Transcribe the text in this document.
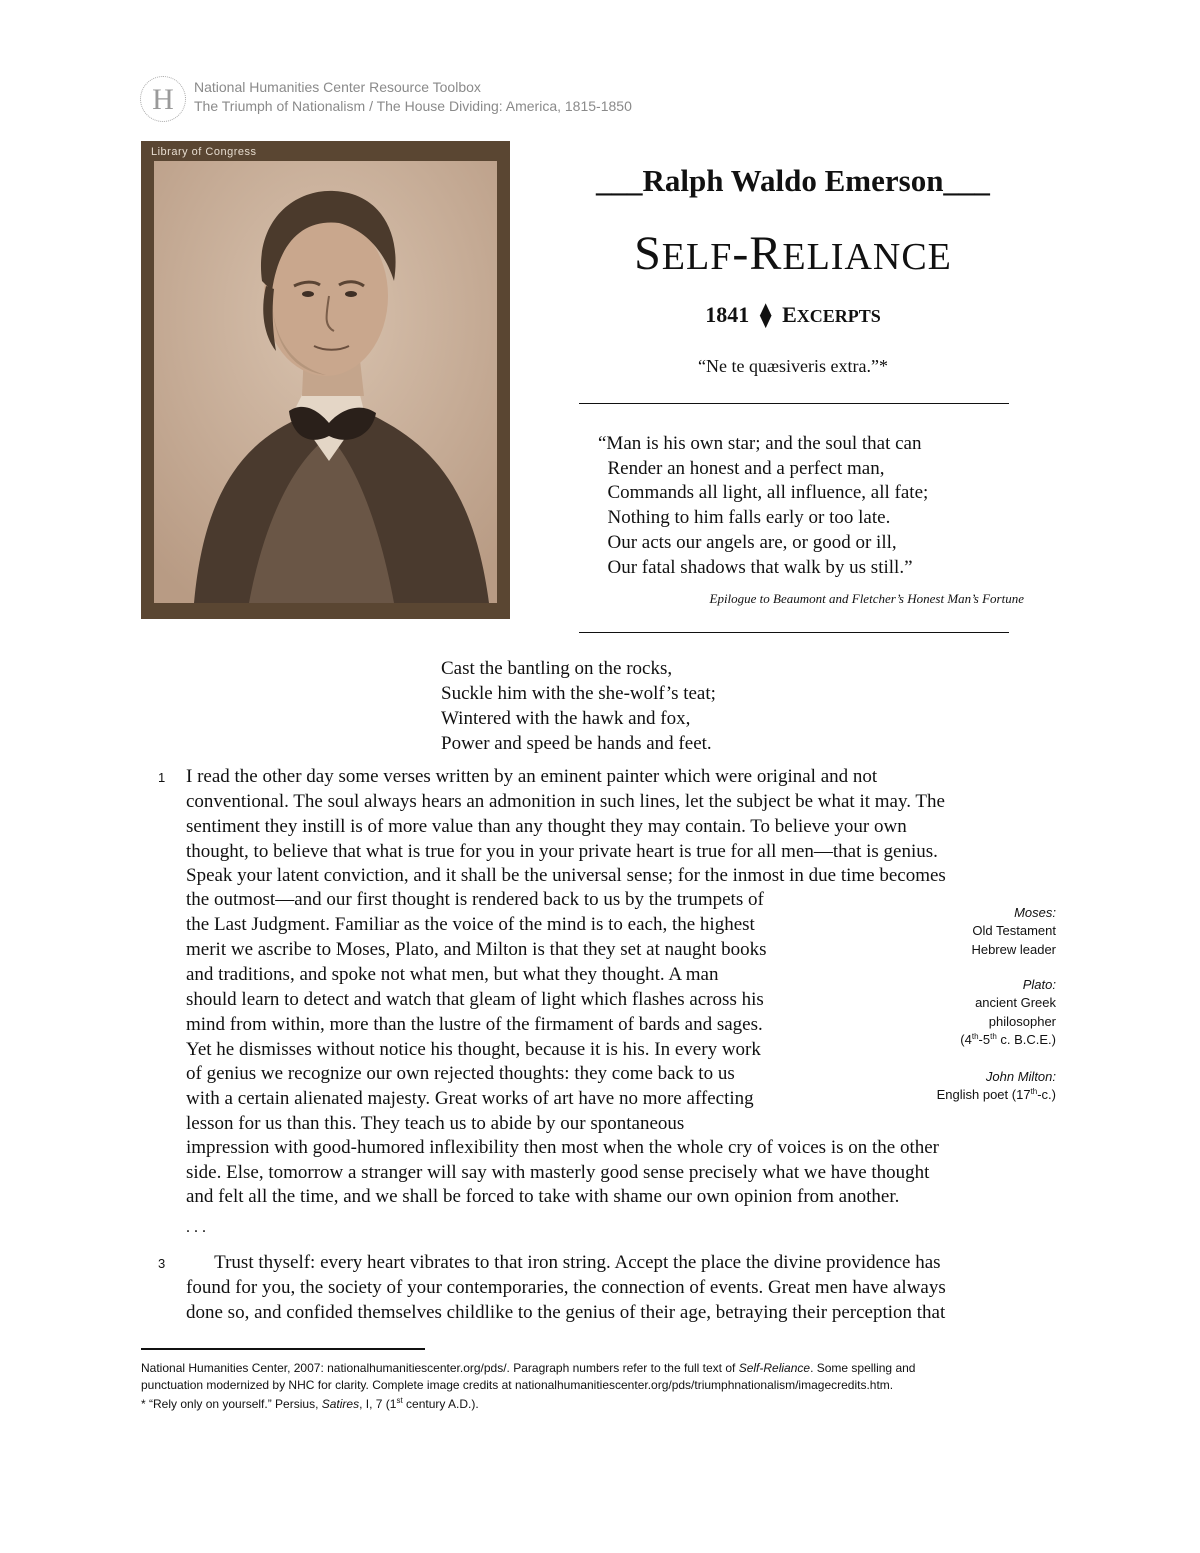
H	National Humanities Center Resource Toolbox
The Triumph of Nationalism / The House Dividing: America, 1815-1850
Library of Congress
___Ralph Waldo Emerson___
SELF-RELIANCE
1841 ⧫ EXCERPTS
“Ne te quæsiveris extra.”*
“Man is his own star; and the soul that can
Render an honest and a perfect man,
Commands all light, all influence, all fate;
Nothing to him falls early or too late.
Our acts our angels are, or good or ill,
Our fatal shadows that walk by us still.”
Epilogue to Beaumont and Fletcher’s Honest Man’s Fortune
Cast the bantling on the rocks,
Suckle him with the she-wolf’s teat;
Wintered with the hawk and fox,
Power and speed be hands and feet.
1 I read the other day some verses written by an eminent painter which were original and not
conventional. The soul always hears an admonition in such lines, let the subject be what it may. The
sentiment they instill is of more value than any thought they may contain. To believe your own
thought, to believe that what is true for you in your private heart is true for all men—that is genius.
Speak your latent conviction, and it shall be the universal sense; for the inmost in due time becomes
the outmost—and our first thought is rendered back to us by the trumpets of
the Last Judgment. Familiar as the voice of the mind is to each, the highest
merit we ascribe to Moses, Plato, and Milton is that they set at naught books
and traditions, and spoke not what men, but what they thought. A man
should learn to detect and watch that gleam of light which flashes across his
mind from within, more than the lustre of the firmament of bards and sages.
Yet he dismisses without notice his thought, because it is his. In every work
of genius we recognize our own rejected thoughts: they come back to us
with a certain alienated majesty. Great works of art have no more affecting
lesson for us than this. They teach us to abide by our spontaneous
impression with good-humored inflexibility then most when the whole cry of voices is on the other
side. Else, tomorrow a stranger will say with masterly good sense precisely what we have thought
and felt all the time, and we shall be forced to take with shame our own opinion from another.
. . .
Moses:
Old Testament
Hebrew leader
Plato:
ancient Greek
philosopher
(4th-5th c. B.C.E.)
John Milton:
English poet (17th-c.)
3 Trust thyself: every heart vibrates to that iron string. Accept the place the divine providence has
found for you, the society of your contemporaries, the connection of events. Great men have always
done so, and confided themselves childlike to the genius of their age, betraying their perception that
National Humanities Center, 2007: nationalhumanitiescenter.org/pds/. Paragraph numbers refer to the full text of Self-Reliance. Some spelling and
punctuation modernized by NHC for clarity. Complete image credits at nationalhumanitiescenter.org/pds/triumphnationalism/imagecredits.htm.
* “Rely only on yourself.” Persius, Satires, I, 7 (1st century A.D.).
